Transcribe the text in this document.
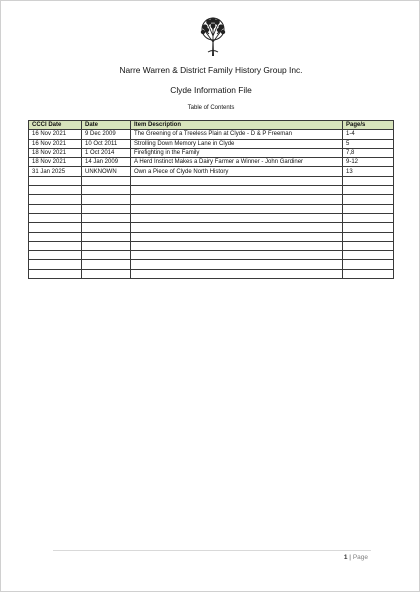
Narre Warren & District Family History Group Inc.
Clyde Information File
Table of Contents
CCCI Date	Date	Item Description	Page/s
16 Nov 2021	9 Dec 2009	The Greening of a Treeless Plain at Clyde - D & P Freeman	1-4
16 Nov 2021	10 Oct 2011	Strolling Down Memory Lane in Clyde	5
18 Nov 2021	1 Oct 2014	Firefighting in the Family	7,8
18 Nov 2021	14 Jan 2009	A Herd Instinct Makes a Dairy Farmer a Winner - John Gardiner	9-12
31 Jan 2025	UNKNOWN	Own a Piece of Clyde North History	13

1 | Page
